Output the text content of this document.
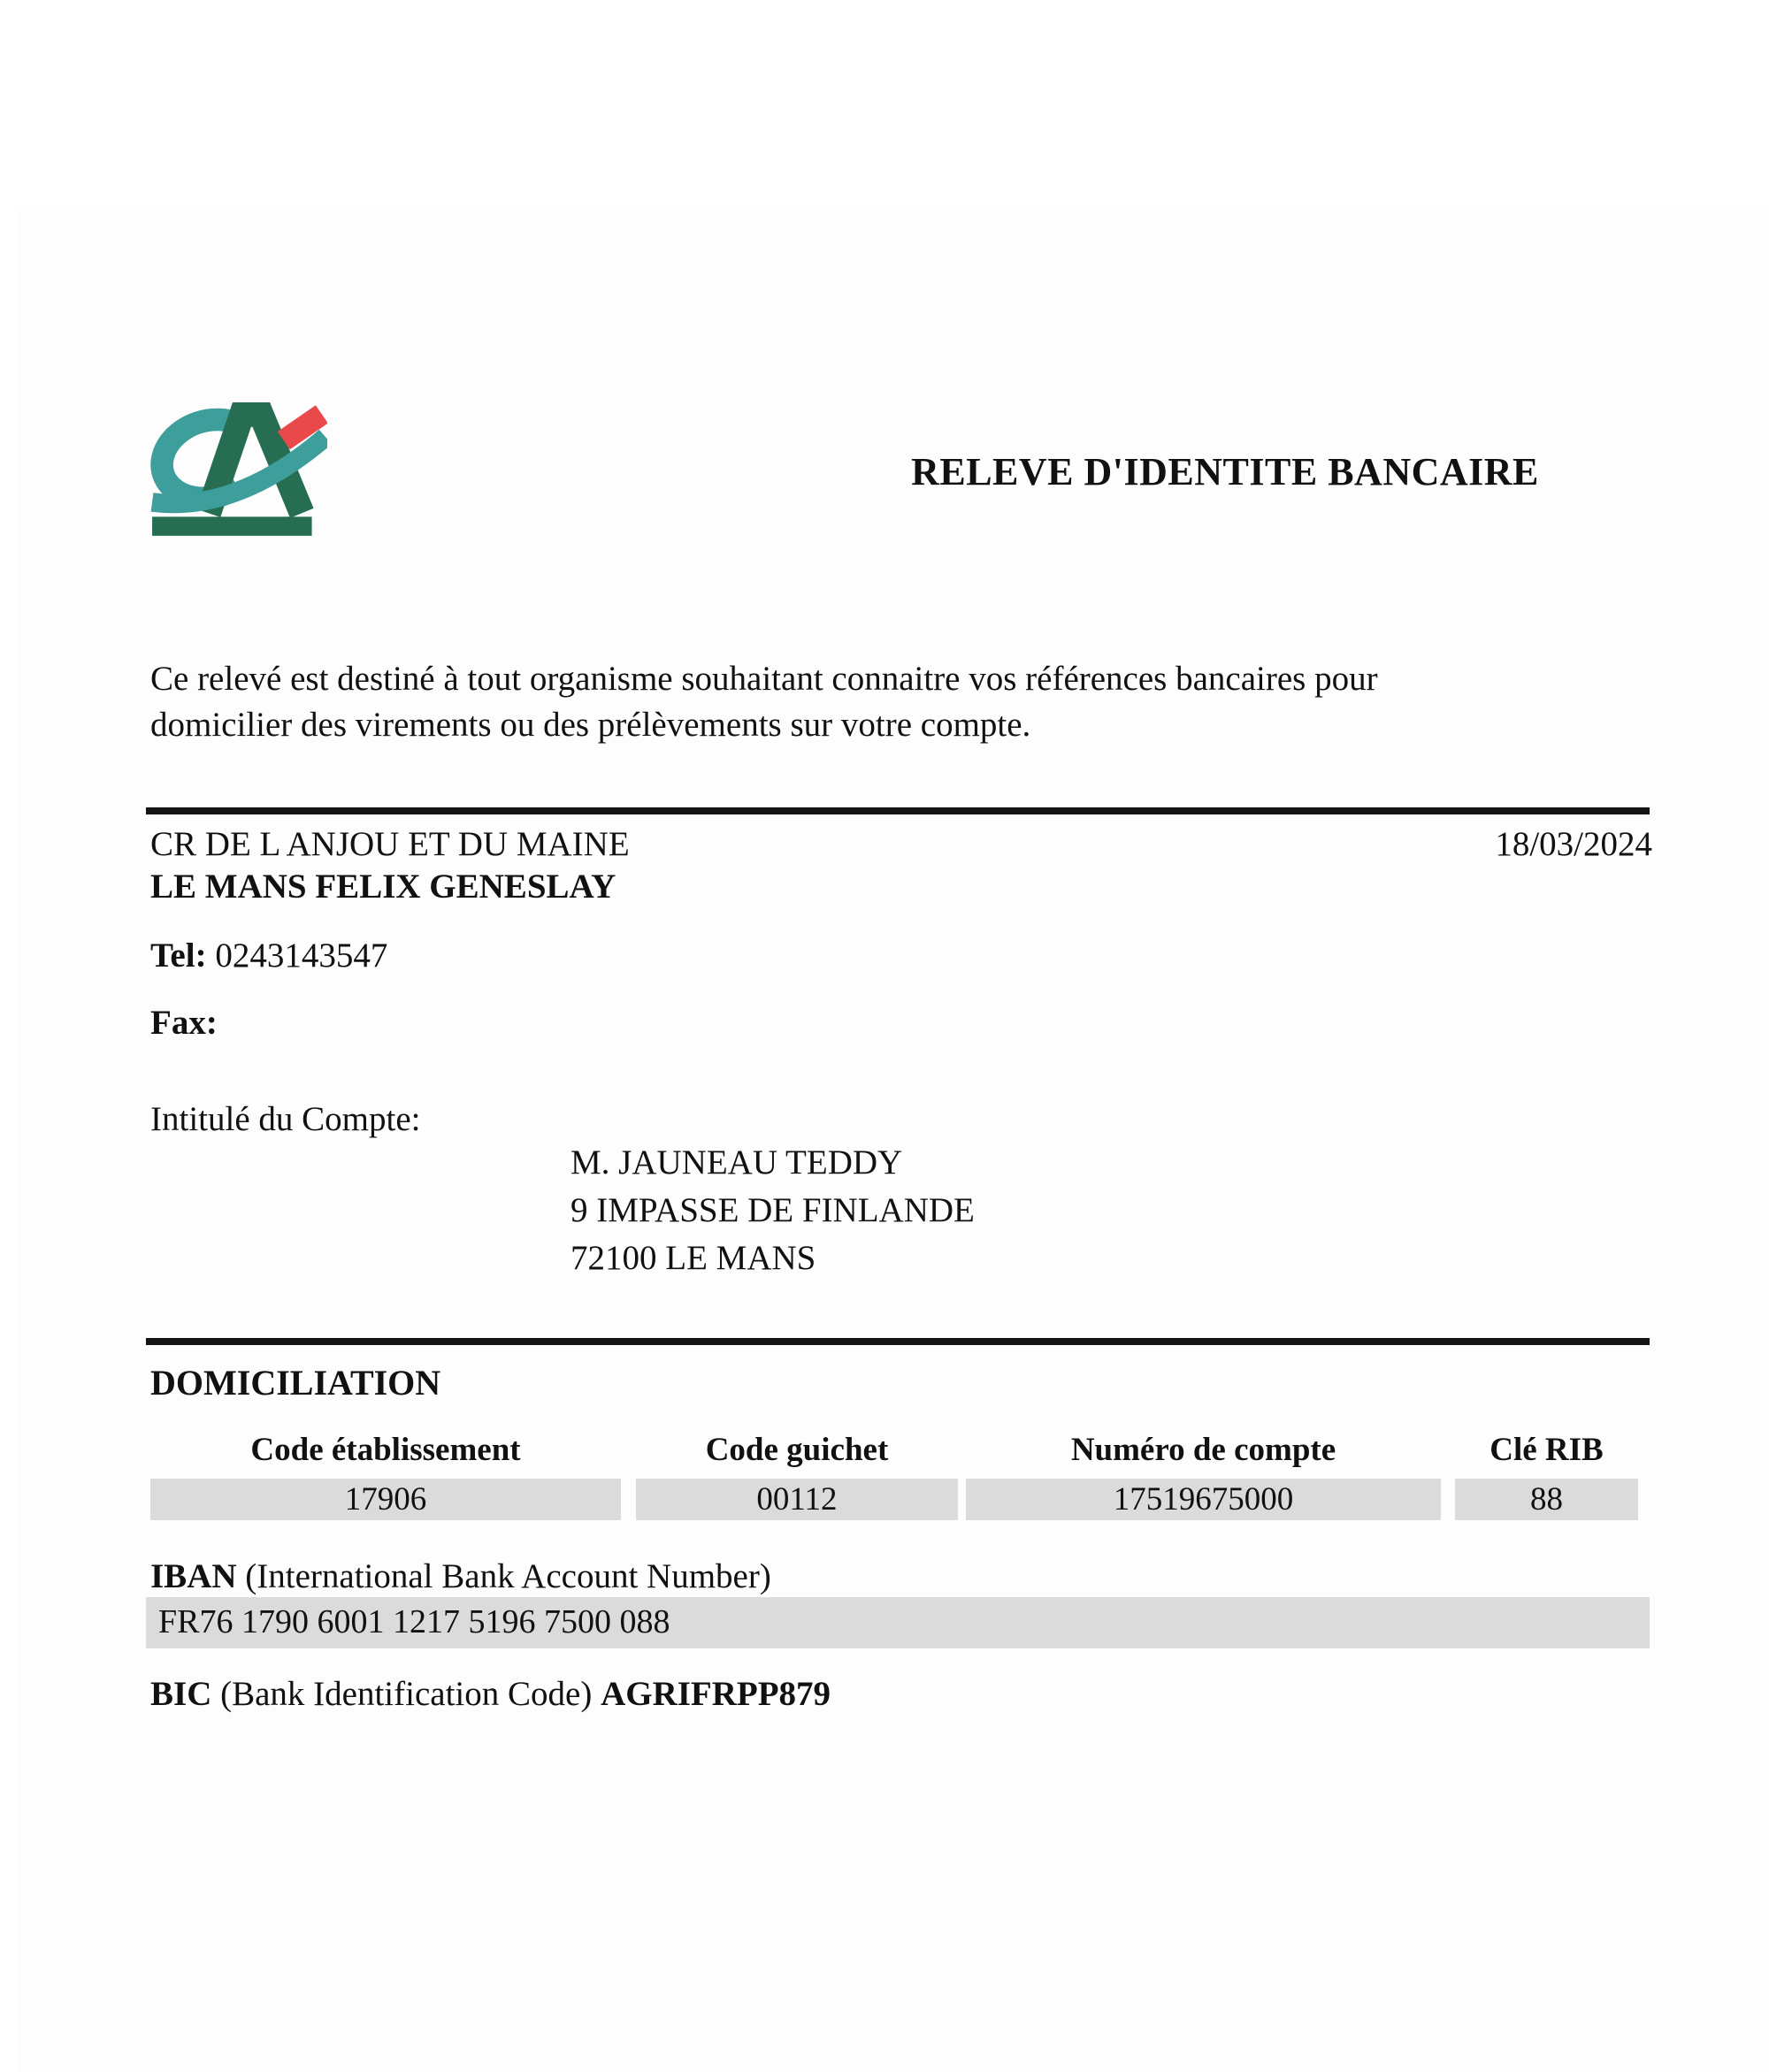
RELEVE D'IDENTITE BANCAIRE
Ce relevé est destiné à tout organisme souhaitant connaitre vos références bancaires pour
domicilier des virements ou des prélèvements sur votre compte.
CR DE L ANJOU ET DU MAINE	18/03/2024
LE MANS FELIX GENESLAY
Tel: 0243143547
Fax:
Intitulé du Compte:
M. JAUNEAU TEDDY
9 IMPASSE DE FINLANDE
72100 LE MANS
DOMICILIATION
Code établissement	Code guichet	Numéro de compte	Clé RIB
17906	00112	17519675000	88
IBAN (International Bank Account Number)
FR76 1790 6001 1217 5196 7500 088
BIC (Bank Identification Code) AGRIFRPP879
